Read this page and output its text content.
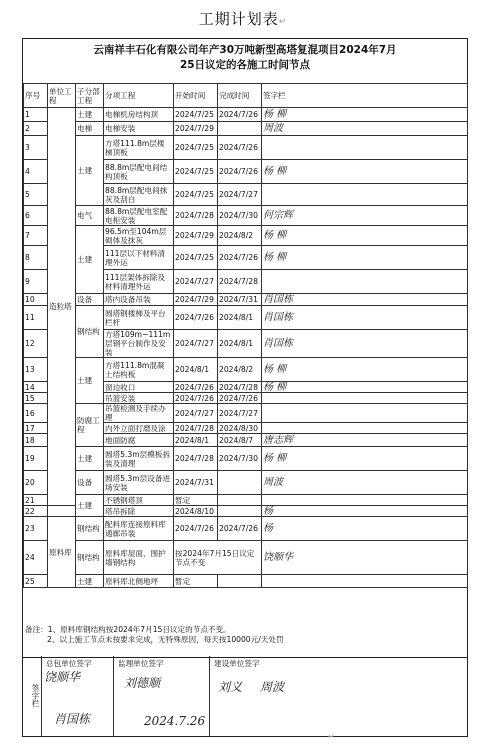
工期计划表↵
云南祥丰石化有限公司年产30万吨新型高塔复混项目2024年7月
25日议定的各施工时间节点
序号	单位工程	子分部工程	分项工程	开始时间	完成时间	签字栏
1	造粒塔	土建	电梯机房结构顶	2024/7/25	2024/7/26	杨 柳
2		电梯	电梯安装	2024/7/29		周波
3		土建	方塔111.8m层楼梯顶板	2024/7/25	2024/7/26	
4			88.8m层配电间结构顶板	2024/7/25	2024/7/26	杨 柳
5			88.8m层配电间抹灰及刮白	2024/7/25	2024/7/27	
6		电气	88.8m层配电室配电柜安装	2024/7/28	2024/7/30	何宗辉
7		土建	96.5m至104m层砌体及抹灰	2024/7/29	2024/8/2	杨 柳
8			111层以下材料清理外运	2024/7/25	2024/7/26	杨 柳
9			111层架体拆除及材料清理外运	2024/7/27	2024/7/28	
10		设备	塔内设备吊装	2024/7/29	2024/7/31	肖国栋
11		钢结构	圆塔钢楼梯及平台栏杆	2024/7/26	2024/8/1	肖国栋
12			方塔109m~111m层钢平台制作及安装	2024/7/27	2024/8/1	肖国栋
13		土建	方塔111.8m混凝土结构板	2024/8/1	2024/8/2	杨 柳
14			窗边收口	2024/7/26	2024/7/28	杨 柳
15			吊篮安装	2024/7/26	2024/7/26	
16		防腐工程	吊篮检测及手续办理	2024/7/27	2024/7/27	
17			内外立面打磨及涂	2024/7/28	2024/8/30	
18			地面防腐	2024/8/1	2024/8/7	唐志辉
19		土建	圆塔5.3m层模板拆装及清理	2024/7/28	2024/7/30	杨 柳
20		设备	圆塔5.3m层设备进场安装	2024/7/31		周波
21		土建	不锈钢塔顶	暂定		
22			塔吊拆除	2024/8/10		杨
23	原料库	钢结构	配料库连接原料库通廊吊装	2024/7/26	2024/7/26	杨
24		钢结构	原料库屋面、围护墙钢结构	按2024年7月15日议定节点不变		饶顺华
25		土建	原料库北侧地坪	暂定		
备注：1、原料库钢结构按2024年7月15日议定的节点不变。
2、以上施工节点未按要求完成，无特殊原因，每天按10000元/天处罚
签字栏
总包单位签字
饶顺华
肖国栋
监理单位签字
刘德顺
2024.7.26
建设单位签字
刘义 周波
↵
